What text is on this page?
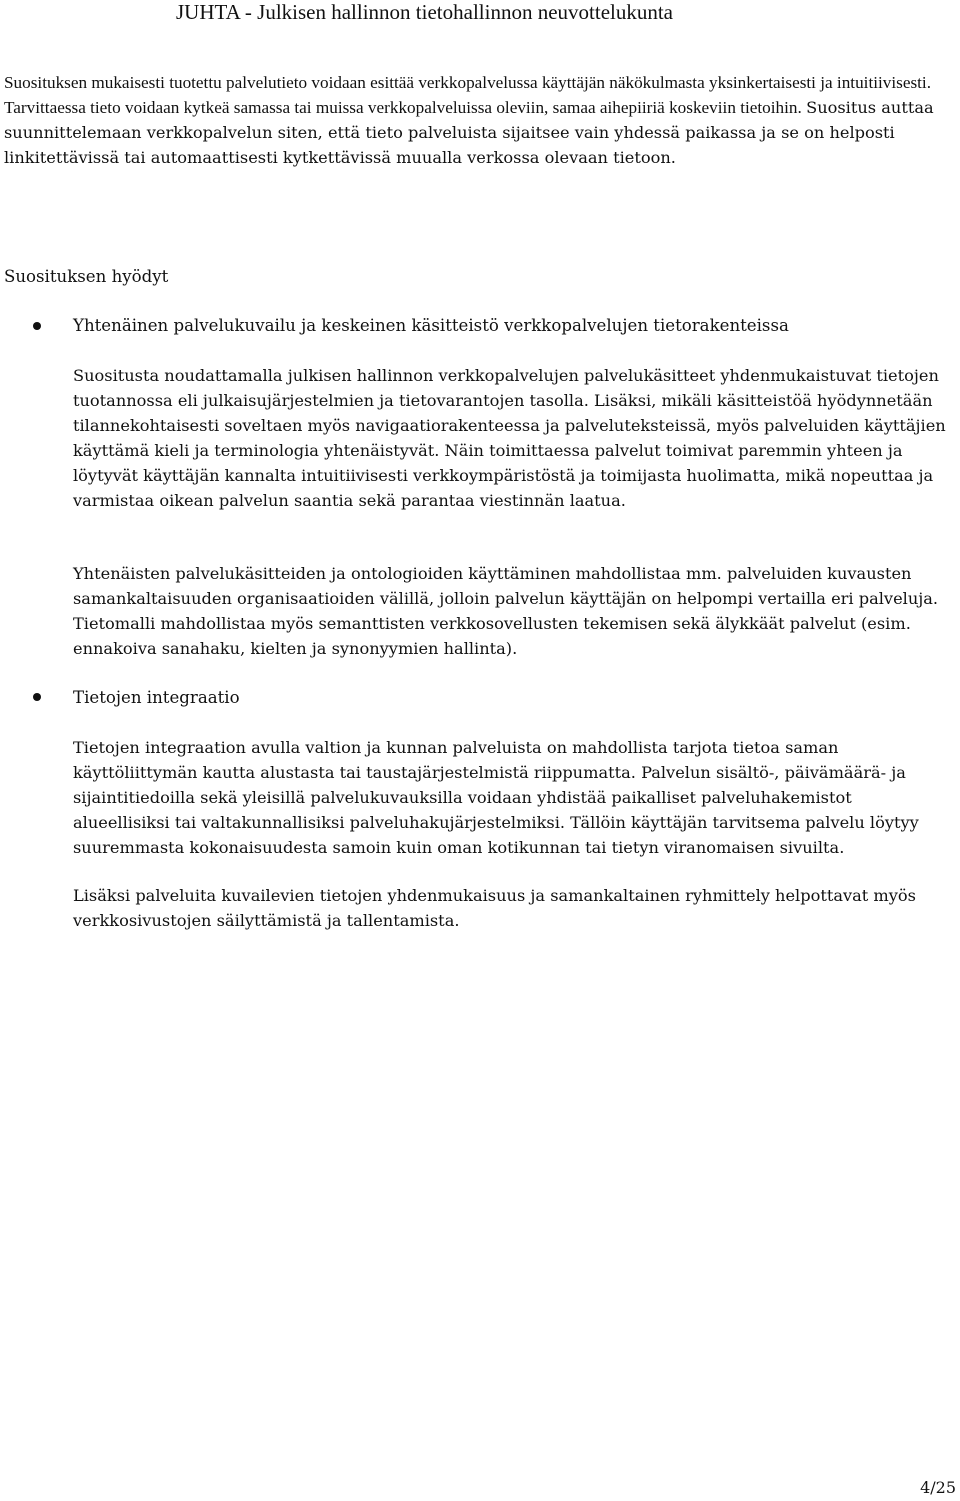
JUHTA - Julkisen hallinnon tietohallinnon neuvottelukunta

Suosituksen mukaisesti tuotettu palvelutieto voidaan esittää verkkopalvelussa käyttäjän näkökulmasta yksinkertaisesti ja intuitiivisesti. Tarvittaessa tieto voidaan kytkeä samassa tai muissa verkkopalveluissa oleviin, samaa aihepiiriä koskeviin tietoihin. Suositus auttaa suunnittelemaan verkkopalvelun siten, että tieto palveluista sijaitsee vain yhdessä paikassa ja se on helposti linkitettävissä tai automaattisesti kytkettävissä muualla verkossa olevaan tietoon.

Suosituksen hyödyt
Yhtenäinen palvelukuvailu ja keskeinen käsitteistö verkkopalvelujen tietorakenteissa

Suositusta noudattamalla julkisen hallinnon verkkopalvelujen palvelukäsitteet yhdenmukaistuvat tietojen tuotannossa eli julkaisujärjestelmien ja tietovarantojen tasolla. Lisäksi, mikäli käsitteistöä hyödynnetään tilannekohtaisesti soveltaen myös navigaatiorakenteessa ja palveluteksteissä, myös palveluiden käyttäjien käyttämä kieli ja terminologia yhtenäistyvät. Näin toimittaessa palvelut toimivat paremmin yhteen ja löytyvät käyttäjän kannalta intuitiivisesti verkkoympäristöstä ja toimijasta huolimatta, mikä nopeuttaa ja varmistaa oikean palvelun saantia sekä parantaa viestinnän laatua.

Yhtenäisten palvelukäsitteiden ja ontologioiden käyttäminen mahdollistaa mm. palveluiden kuvausten samankaltaisuuden organisaatioiden välillä, jolloin palvelun käyttäjän on helpompi vertailla eri palveluja. Tietomalli mahdollistaa myös semanttisten verkkosovellusten tekemisen sekä älykkäät palvelut (esim. ennakoiva sanahaku, kielten ja synonyymien hallinta).

Tietojen integraatio

Tietojen integraation avulla valtion ja kunnan palveluista on mahdollista tarjota tietoa saman käyttöliittymän kautta alustasta tai taustajärjestelmistä riippumatta. Palvelun sisältö-, päivämäärä- ja sijaintitiedoilla sekä yleisillä palvelukuvauksilla voidaan yhdistää paikalliset palveluhakemistot alueellisiksi tai valtakunnallisiksi palveluhakujärjestelmiksi. Tällöin käyttäjän tarvitsema palvelu löytyy suuremmasta kokonaisuudesta samoin kuin oman kotikunnan tai tietyn viranomaisen sivuilta.

Lisäksi palveluita kuvailevien tietojen yhdenmukaisuus ja samankaltainen ryhmittely helpottavat myös verkkosivustojen säilyttämistä ja tallentamista.

4/25
